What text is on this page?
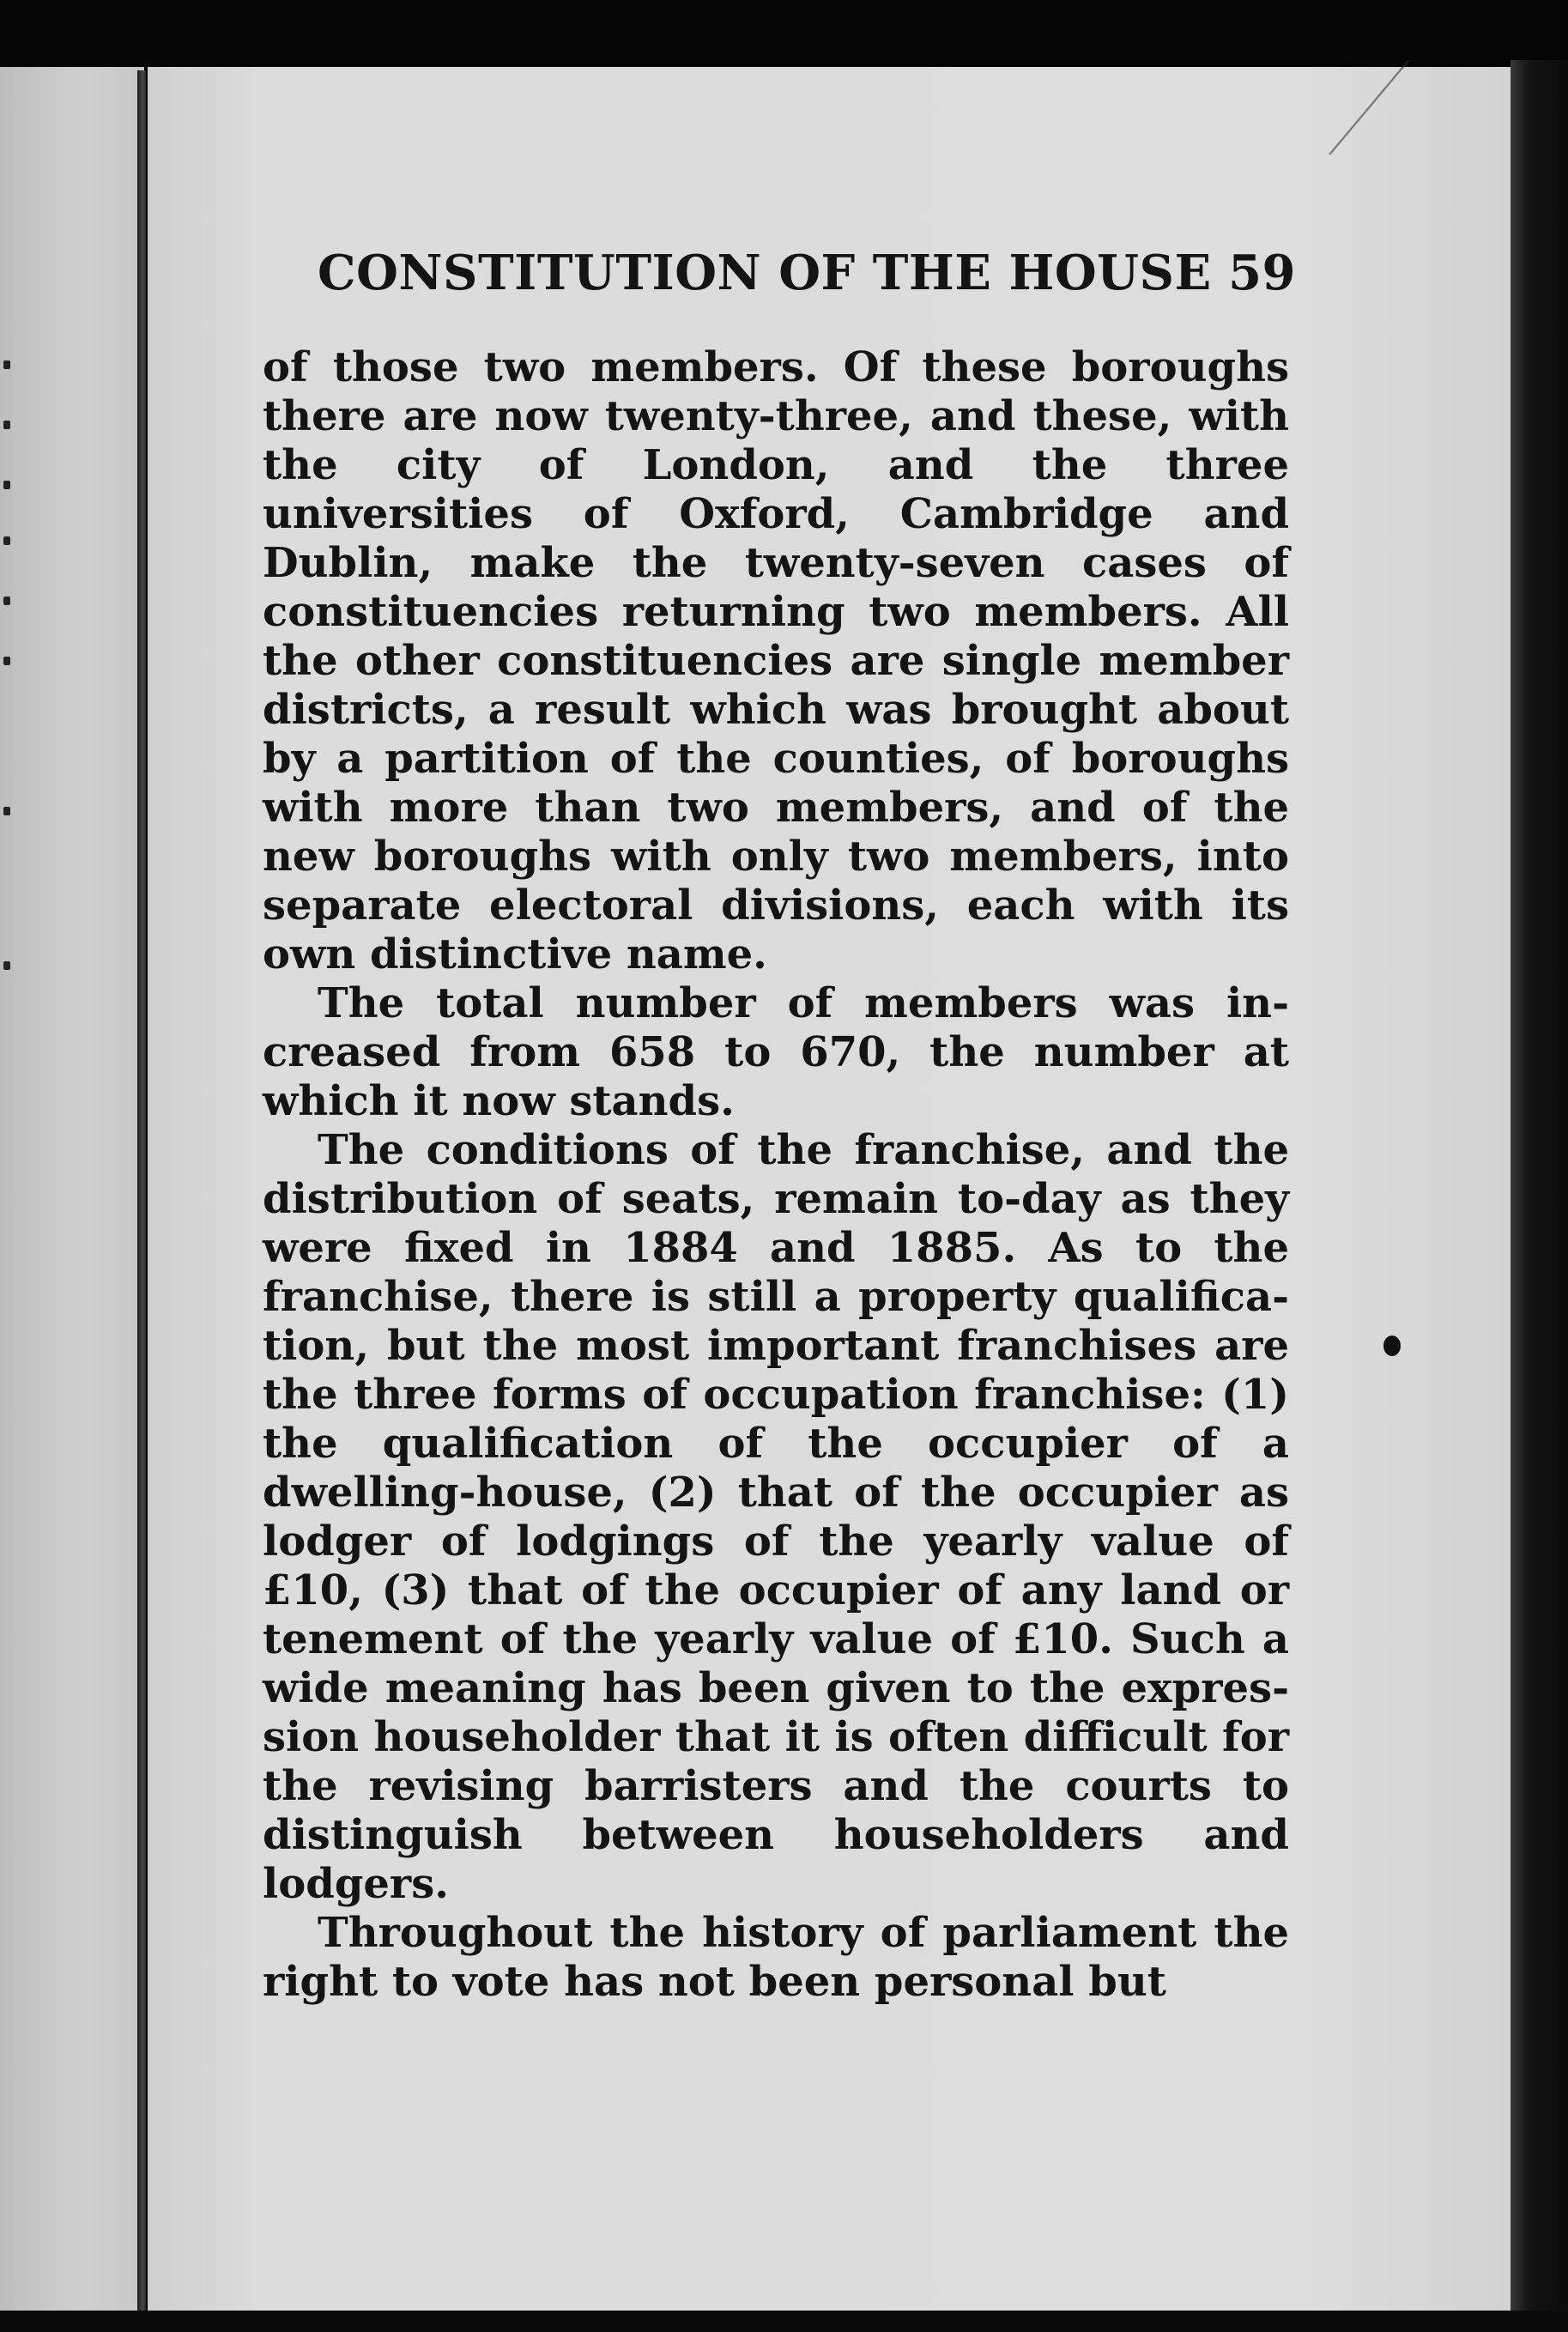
CONSTITUTION OF THE HOUSE 59

of those two members. Of these boroughs there are now twenty-three, and these, with the city of London, and the three universities of Oxford, Cambridge and Dublin, make the twenty-seven cases of constituencies returning two members. All the other constituencies are single member districts, a result which was brought about by a partition of the counties, of boroughs with more than two members, and of the new boroughs with only two members, into separate electoral divisions, each with its own distinctive name.

The total number of members was increased from 658 to 670, the number at which it now stands.

The conditions of the franchise, and the distribution of seats, remain to-day as they were fixed in 1884 and 1885. As to the franchise, there is still a property qualification, but the most important franchises are the three forms of occupation franchise: (1) the qualification of the occupier of a dwelling-house, (2) that of the occupier as lodger of lodgings of the yearly value of £10, (3) that of the occupier of any land or tenement of the yearly value of £10. Such a wide meaning has been given to the expression householder that it is often difficult for the revising barristers and the courts to distinguish between householders and lodgers.

Throughout the history of parliament the right to vote has not been personal but
